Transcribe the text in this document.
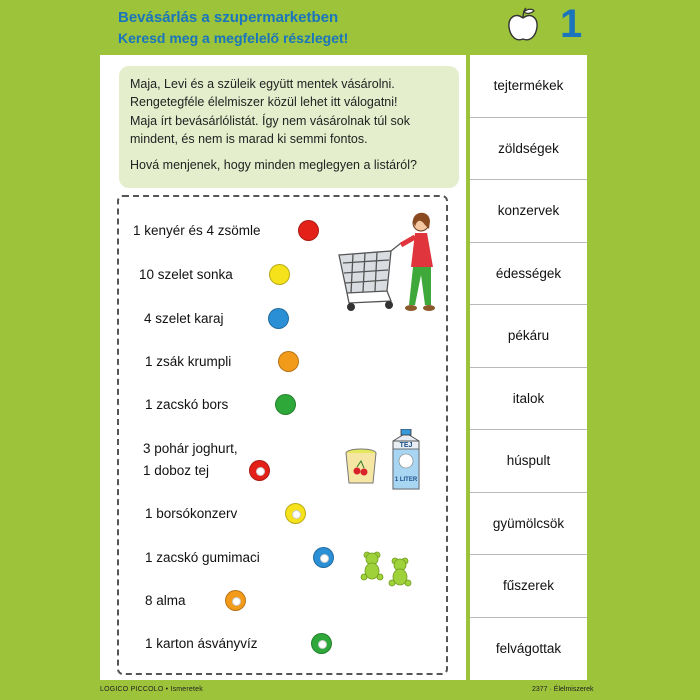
Bevásárlás a szupermarketben
Keresd meg a megfelelő részleget!	1

Maja, Levi és a szüleik együtt mentek vásárolni.

Rengetegféle élelmiszer közül lehet itt válogatni!

Maja írt bevásárlólistát. Így nem vásárolnak túl sok

mindent, és nem is marad ki semmi fontos.

Hová menjenek, hogy minden meglegyen a listáról?

1 kenyér és 4 zsömle
10 szelet sonka
4 szelet karaj
1 zsák krumpli
1 zacskó bors
3 pohár joghurt,
1 doboz tej
1 borsókonzerv
1 zacskó gumimaci
8 alma
1 karton ásványvíz
TEJ
1 LITER
tejtermékek
zöldségek
konzervek
édességek
pékáru
italok
húspult
gyümölcsök
fűszerek
felvágottak
LOGICO PICCOLO • Ismeretek	2377 · Élelmiszerek
